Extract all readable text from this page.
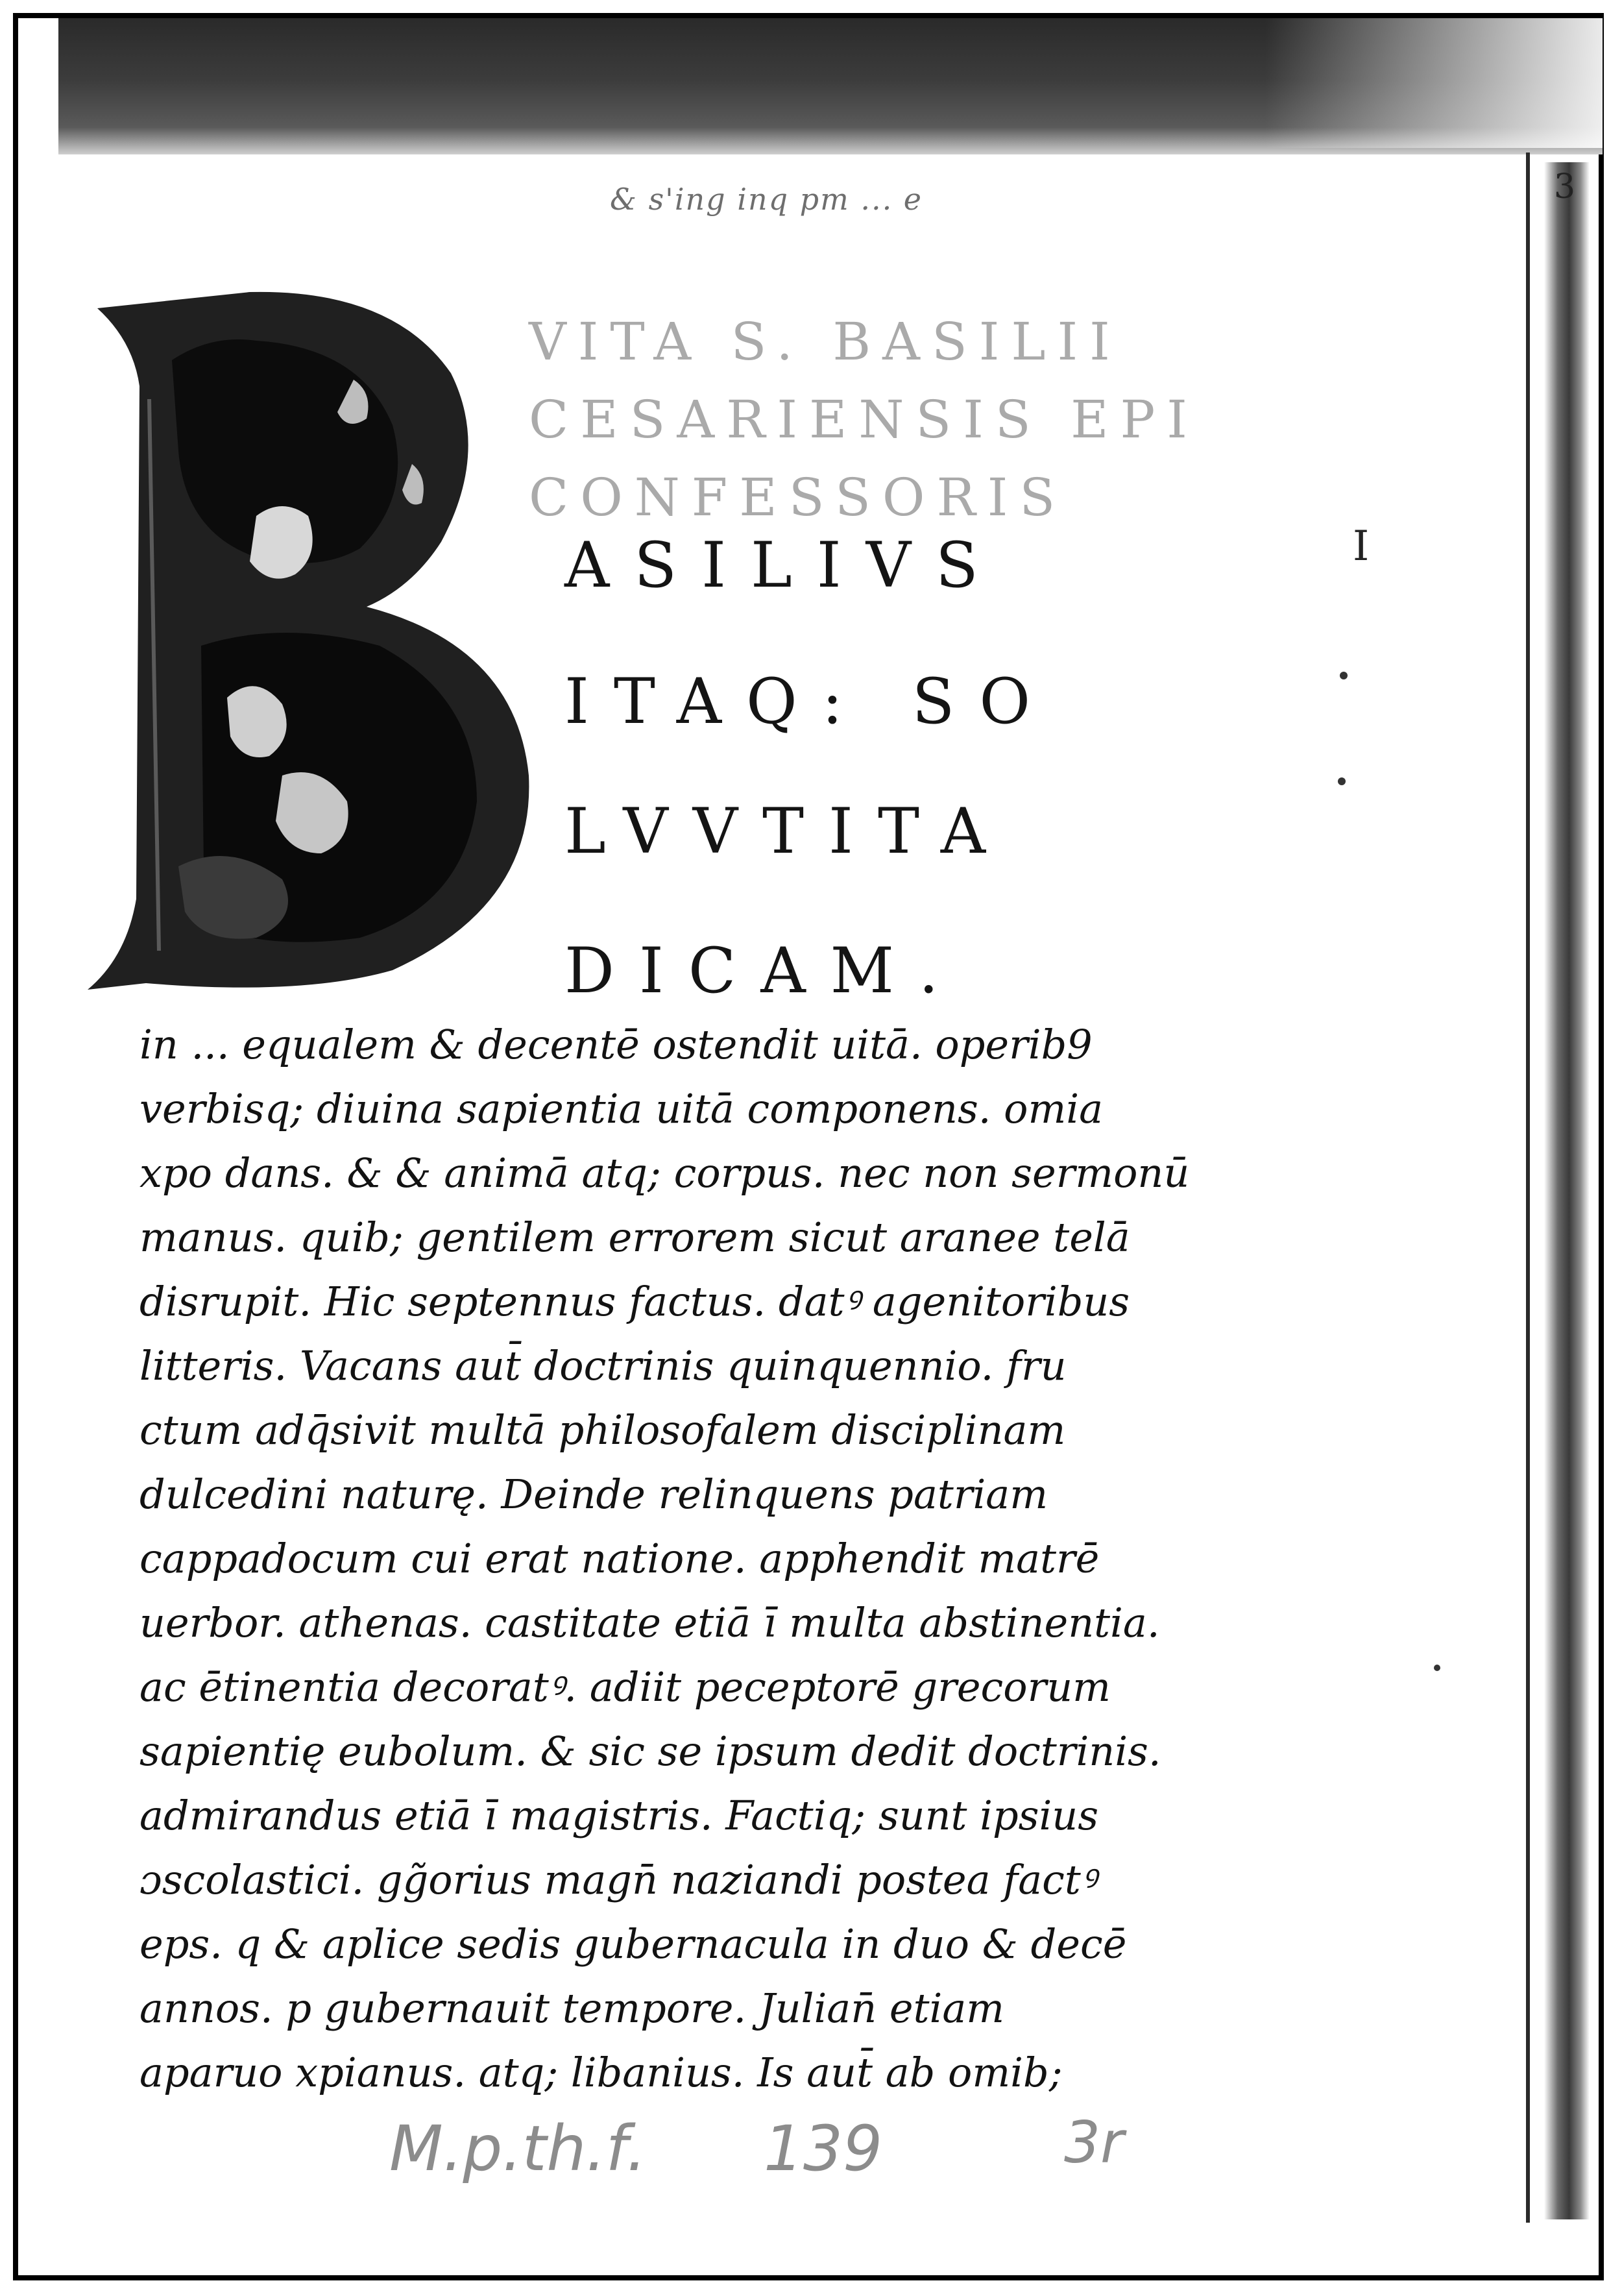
& s'ing inq pm ... e	3
VITA S. BASILII
CESARIENSIS EPI
CONFESSORIS
ASILIVS
ITAQ: SO
LVVTITA
DICAM.
I
in ... equalem & decentē ostendit uitā. operib9
verbisq; diuina sapientia uitā componens. omia
xpo dans. & & animā atq; corpus. nec non sermonū
manus. quib; gentilem errorem sicut aranee telā
disrupit. Hic septennus factus. datꝰ agenitoribus
litteris. Vacans aut̄ doctrinis quinquennio. fru
ctum adq̄sivit multā philosofalem disciplinam
dulcedini naturę. Deinde relinquens patriam
cappadocum cui erat natione. apphendit matrē
uerbor. athenas. castitate etiā ī multa abstinentia.
ac ētinentia decoratꝰ. adiit peceptorē grecorum
sapientię eubolum. & sic se ipsum dedit doctrinis.
admirandus etiā ī magistris. Factiq; sunt ipsius
ɔscolastici. gg̃orius magn̄ naziandi postea factꝰ
eps. q & aplice sedis gubernacula in duo & decē
annos. p gubernauit tempore. Julian̄ etiam
aparuo xpianus. atq; libanius. Is aut̄ ab omib;
M.p.th.f. 139	3r
